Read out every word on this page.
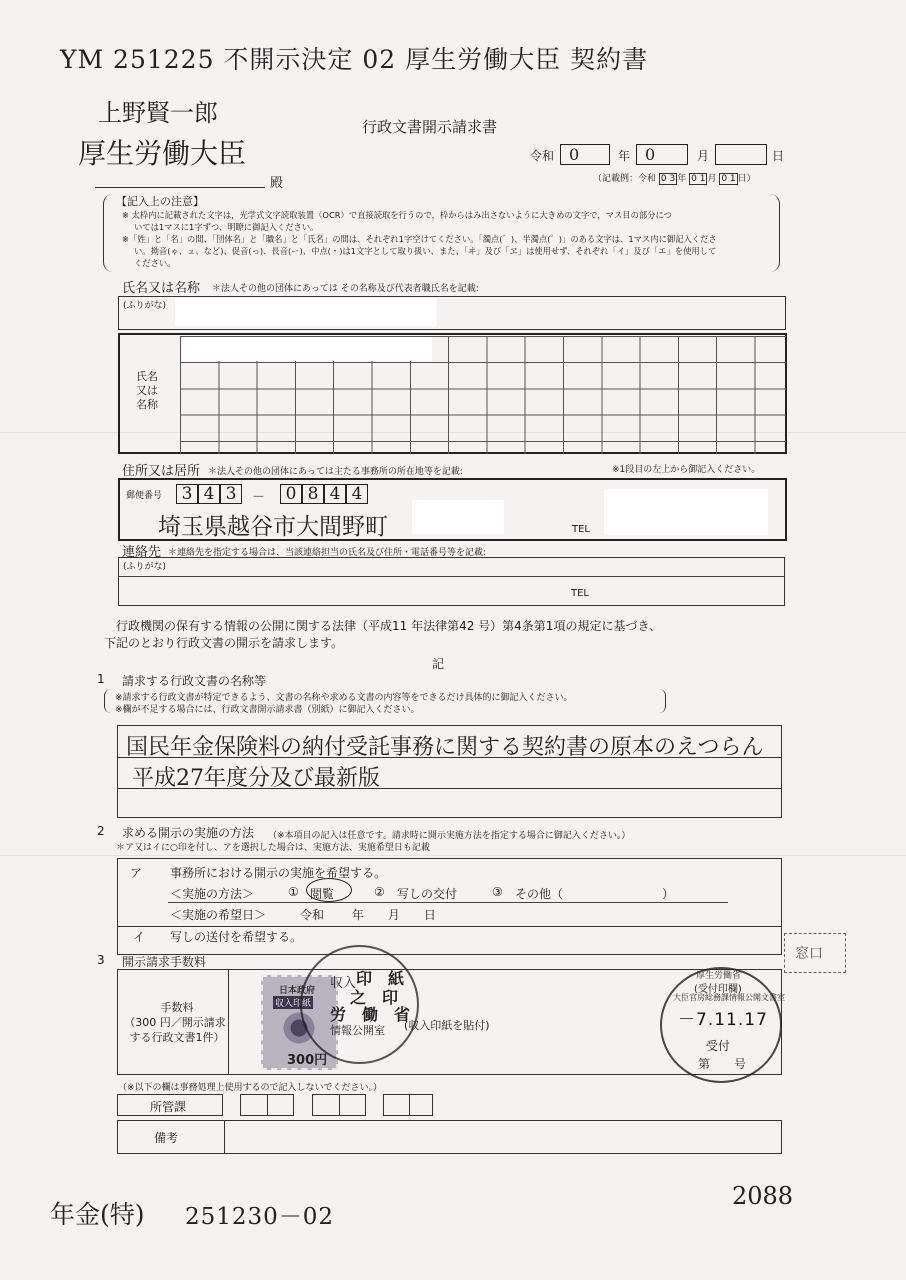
YM 251225 不開示決定 02 厚生労働大臣 契約書
上野賢一郎
厚生労働大臣
行政文書開示請求書
令和 0	年 0	月	日
（記載例：令和 0 3 年 0 1 月 0 1 日）
殿
【記入上の注意】
※ 太枠内に記載された文字は，光学式文字読取装置（OCR）で直接読取を行うので，枠からはみ出さないように大きめの文字で，マス目の部分につ
いては1マスに1字ずつ、明瞭に御記入ください。
※「姓」と「名」の間、「団体名」と「職名」と「氏名」の間は、それぞれ1字空けてください。「濁点(゛)、半濁点(゜)」のある文字は、1マス内に御記入くださ
い。拗音(ゃ、ュ、など)、促音(っ)、長音(ー)、中点(・)は1文字として取り扱い、また、「ヰ」及び「ヱ」は使用せず、それぞれ「イ」及び「エ」を使用して
ください。
氏名又は名称 ＊法人その他の団体にあっては その名称及び代表者職氏名を記載:
(ふりがな)
氏名
又は
名称
住所又は居所 ＊法人その他の団体にあっては主たる事務所の所在地等を記載:	※1段目の左上から御記入ください。
郵便番号	3 4 3	－	0 8 4 4
埼玉県越谷市大間野町	TEL
連絡先 ＊連絡先を指定する場合は、当該連絡担当の氏名及び住所・電話番号等を記載:
(ふりがな)
TEL
行政機関の保有する情報の公開に関する法律（平成11 年法律第42 号）第4条第1項の規定に基づき、
下記のとおり行政文書の開示を請求します。
記
1 請求する行政文書の名称等
※請求する行政文書が特定できるよう、文書の名称や求める文書の内容等をできるだけ具体的に御記入ください。
※欄が不足する場合には、行政文書開示請求書（別紙）に御記入ください。
国民年金保険料の納付受託事務に関する契約書の原本のえつらん
平成27年度分及び最新版
2 求める開示の実施の方法 （※本項目の記入は任意です。請求時に開示実施方法を指定する場合に御記入ください。）
＊ア又はイに○印を付し、アを選択した場合は、実施方法、実施希望日も記載
ア 事務所における開示の実施を希望する。
＜実施の方法＞	① 閲覧	② 写しの交付	③ その他（	）
＜実施の希望日＞	令和　　 年　　月　　日
イ 写しの送付を希望する。
3 開示請求手数料
手数料
（300 円／開示請求
する行政文書1件）
日本政府
収入印紙
300円
収入 印　紙
之　印
労　働　省
情報公開室 (収入印紙を貼付)
厚生労働省
(受付印欄)
大臣官房総務課情報公開文書室
－7.11.17
受付
第　　号
窓口
（※以下の欄は事務処理上使用するので記入しないでください。）
所管課
備考
年金(特) 251230－02
2088
